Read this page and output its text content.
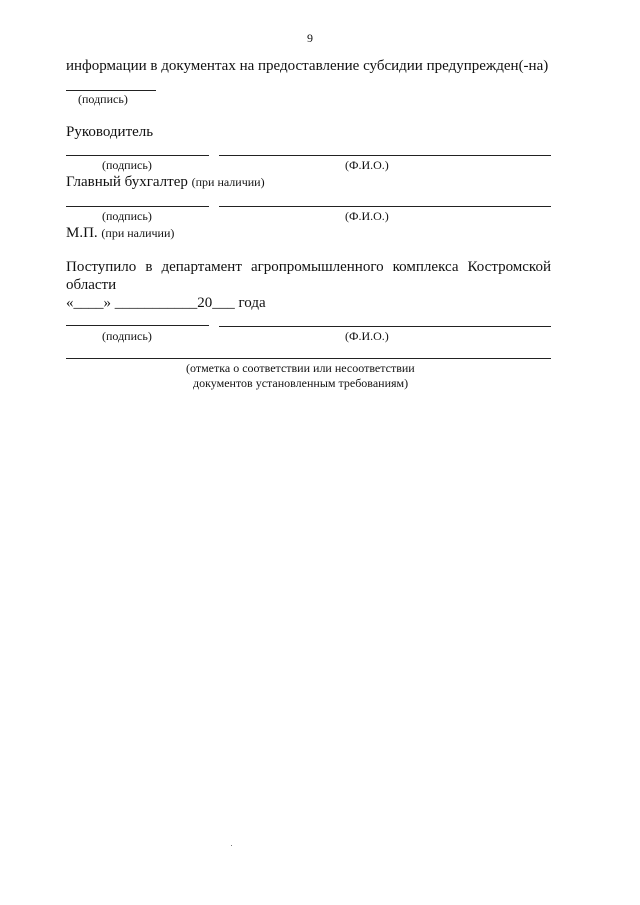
9
информации в документах на предоставление субсидии предупрежден(-на)
(подпись)
Руководитель
(подпись)	(Ф.И.О.)
Главный бухгалтер (при наличии)
(подпись)	(Ф.И.О.)
М.П. (при наличии)
Поступило в департамент агропромышленного комплекса Костромской
области
«____» ___________20___ года
(подпись)	(Ф.И.О.)
(отметка о соответствии или несоответствии
документов установленным требованиям)
